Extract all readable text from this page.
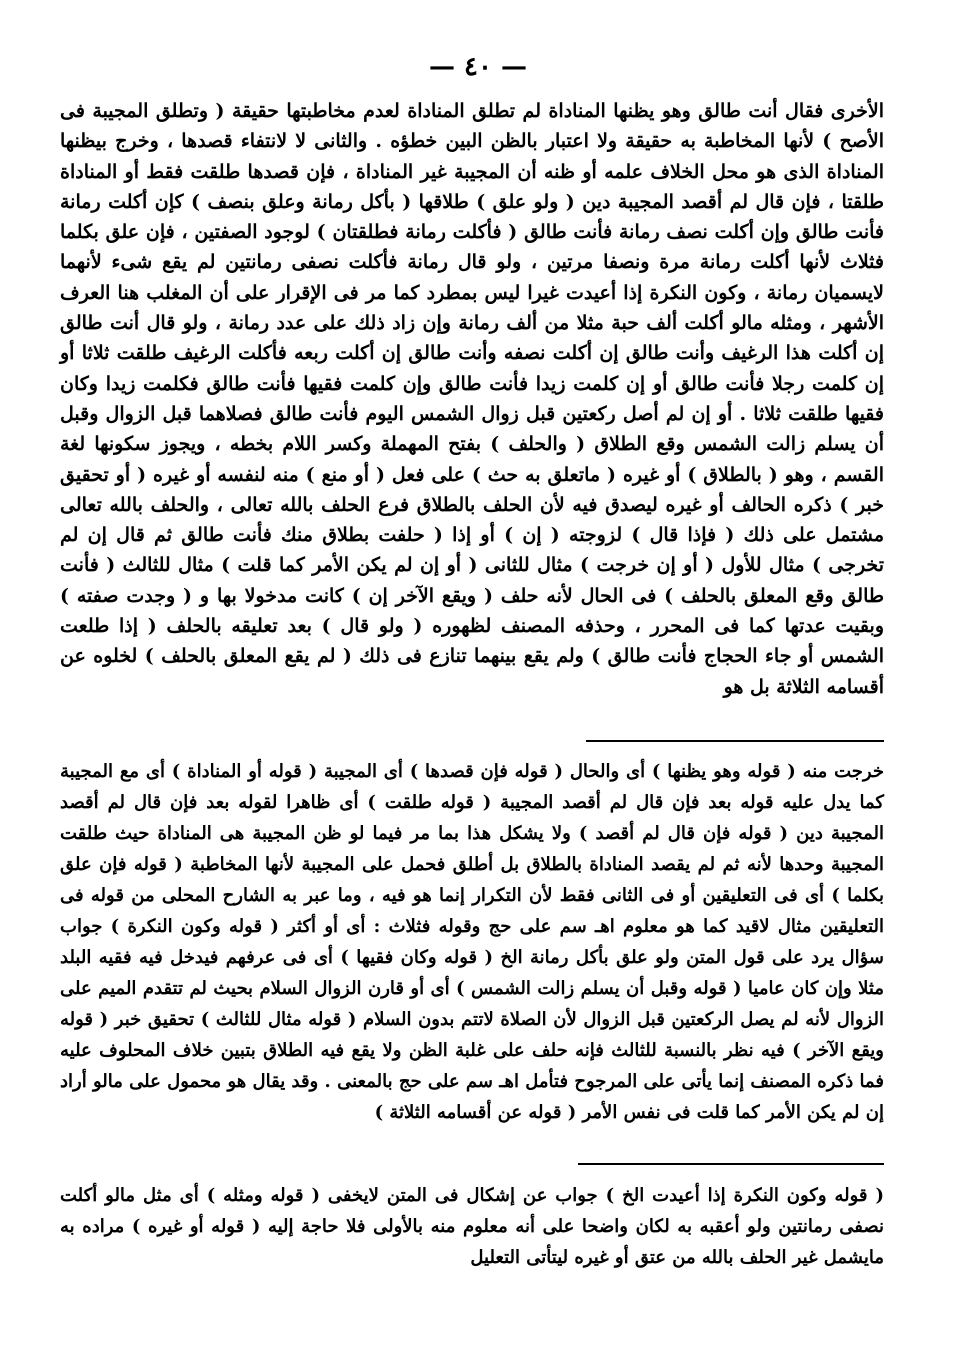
— ٤٠ —

الأخرى فقال أنت طالق وهو يظنها المناداة لم تطلق المناداة لعدم مخاطبتها حقيقة ( وتطلق المجيبة فى الأصح ) لأنها المخاطبة به حقيقة ولا اعتبار بالظن البين خطؤه . والثانى لا لانتفاء قصدها ، وخرج بيظنها المناداة الذى هو محل الخلاف علمه أو ظنه أن المجيبة غير المناداة ، فإن قصدها طلقت فقط أو المناداة طلقتا ، فإن قال لم أقصد المجيبة دين ( ولو علق ) طلاقها ( بأكل رمانة وعلق بنصف ) كإن أكلت رمانة فأنت طالق وإن أكلت نصف رمانة فأنت طالق ( فأكلت رمانة فطلقتان ) لوجود الصفتين ، فإن علق بكلما فثلاث لأنها أكلت رمانة مرة ونصفا مرتين ، ولو قال رمانة فأكلت نصفى رمانتين لم يقع شىء لأنهما لايسميان رمانة ، وكون النكرة إذا أعيدت غيرا ليس بمطرد كما مر فى الإقرار على أن المغلب هنا العرف الأشهر ، ومثله مالو أكلت ألف حبة مثلا من ألف رمانة وإن زاد ذلك على عدد رمانة ، ولو قال أنت طالق إن أكلت هذا الرغيف وأنت طالق إن أكلت نصفه وأنت طالق إن أكلت ربعه فأكلت الرغيف طلقت ثلاثا أو إن كلمت رجلا فأنت طالق أو إن كلمت زيدا فأنت طالق وإن كلمت فقيها فأنت طالق فكلمت زيدا وكان فقيها طلقت ثلاثا . أو إن لم أصل ركعتين قبل زوال الشمس اليوم فأنت طالق فصلاهما قبل الزوال وقبل أن يسلم زالت الشمس وقع الطلاق ( والحلف ) بفتح المهملة وكسر اللام بخطه ، ويجوز سكونها لغة القسم ، وهو ( بالطلاق ) أو غيره ( ماتعلق به حث ) على فعل ( أو منع ) منه لنفسه أو غيره ( أو تحقيق خبر ) ذكره الحالف أو غيره ليصدق فيه لأن الحلف بالطلاق فرع الحلف بالله تعالى ، والحلف بالله تعالى مشتمل على ذلك ( فإذا قال ) لزوجته ( إن ) أو إذا ( حلفت بطلاق منك فأنت طالق ثم قال إن لم تخرجى ) مثال للأول ( أو إن خرجت ) مثال للثانى ( أو إن لم يكن الأمر كما قلت ) مثال للثالث ( فأنت طالق وقع المعلق بالحلف ) فى الحال لأنه حلف ( ويقع الآخر إن ) كانت مدخولا بها و ( وجدت صفته ) وبقيت عدتها كما فى المحرر ، وحذفه المصنف لظهوره ( ولو قال ) بعد تعليقه بالحلف ( إذا طلعت الشمس أو جاء الحجاج فأنت طالق ) ولم يقع بينهما تنازع فى ذلك ( لم يقع المعلق بالحلف ) لخلوه عن أقسامه الثلاثة بل هو

خرجت منه ( قوله وهو يظنها ) أى والحال ( قوله فإن قصدها ) أى المجيبة ( قوله أو المناداة ) أى مع المجيبة كما يدل عليه قوله بعد فإن قال لم أقصد المجيبة ( قوله طلقت ) أى ظاهرا لقوله بعد فإن قال لم أقصد المجيبة دين ( قوله فإن قال لم أقصد ) ولا يشكل هذا بما مر فيما لو ظن المجيبة هى المناداة حيث طلقت المجيبة وحدها لأنه ثم لم يقصد المناداة بالطلاق بل أطلق فحمل على المجيبة لأنها المخاطبة ( قوله فإن علق بكلما ) أى فى التعليقين أو فى الثانى فقط لأن التكرار إنما هو فيه ، وما عبر به الشارح المحلى من قوله فى التعليقين مثال لاقيد كما هو معلوم اهـ سم على حج وقوله فثلاث : أى أو أكثر ( قوله وكون النكرة ) جواب سؤال يرد على قول المتن ولو علق بأكل رمانة الخ ( قوله وكان فقيها ) أى فى عرفهم فيدخل فيه فقيه البلد مثلا وإن كان عاميا ( قوله وقبل أن يسلم زالت الشمس ) أى أو قارن الزوال السلام بحيث لم تتقدم الميم على الزوال لأنه لم يصل الركعتين قبل الزوال لأن الصلاة لاتتم بدون السلام ( قوله مثال للثالث ) تحقيق خبر ( قوله ويقع الآخر ) فيه نظر بالنسبة للثالث فإنه حلف على غلبة الظن ولا يقع فيه الطلاق بتبين خلاف المحلوف عليه فما ذكره المصنف إنما يأتى على المرجوح فتأمل اهـ سم على حج بالمعنى . وقد يقال هو محمول على مالو أراد إن لم يكن الأمر كما قلت فى نفس الأمر ( قوله عن أقسامه الثلاثة )

( قوله وكون النكرة إذا أعيدت الخ ) جواب عن إشكال فى المتن لايخفى ( قوله ومثله ) أى مثل مالو أكلت نصفى رمانتين ولو أعقبه به لكان واضحا على أنه معلوم منه بالأولى فلا حاجة إليه ( قوله أو غيره ) مراده به مايشمل غير الحلف بالله من عتق أو غيره ليتأتى التعليل
